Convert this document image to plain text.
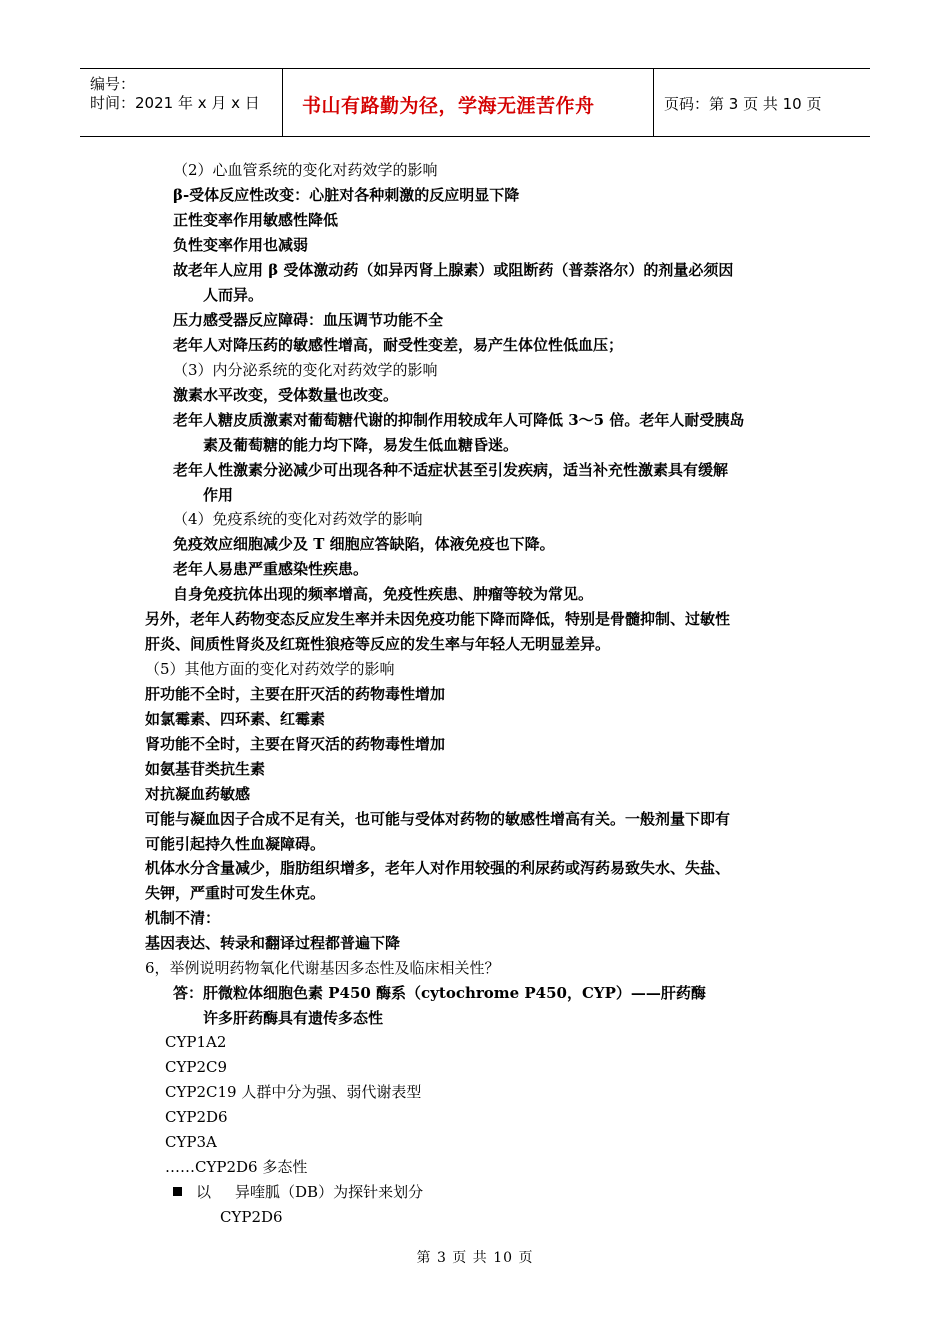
编号：
时间：2021 年 x 月 x 日 书山有路勤为径，学海无涯苦作舟	页码：第 3 页 共 10 页
（2）心血管系统的变化对药效学的影响
β-受体反应性改变：心脏对各种刺激的反应明显下降
正性变率作用敏感性降低
负性变率作用也减弱
故老年人应用 β 受体激动药（如异丙肾上腺素）或阻断药（普萘洛尔）的剂量必须因
人而异。
压力感受器反应障碍：血压调节功能不全
老年人对降压药的敏感性增高，耐受性变差，易产生体位性低血压；
（3）内分泌系统的变化对药效学的影响
激素水平改变，受体数量也改变。
老年人糖皮质激素对葡萄糖代谢的抑制作用较成年人可降低 3～5 倍。老年人耐受胰岛
素及葡萄糖的能力均下降，易发生低血糖昏迷。
老年人性激素分泌减少可出现各种不适症状甚至引发疾病，适当补充性激素具有缓解
作用
（4）免疫系统的变化对药效学的影响
免疫效应细胞减少及 T 细胞应答缺陷，体液免疫也下降。
老年人易患严重感染性疾患。
自身免疫抗体出现的频率增高，免疫性疾患、肿瘤等较为常见。
另外，老年人药物变态反应发生率并未因免疫功能下降而降低，特别是骨髓抑制、过敏性
肝炎、间质性肾炎及红斑性狼疮等反应的发生率与年轻人无明显差异。
（5）其他方面的变化对药效学的影响
肝功能不全时，主要在肝灭活的药物毒性增加
如氯霉素、四环素、红霉素
肾功能不全时，主要在肾灭活的药物毒性增加
如氨基苷类抗生素
对抗凝血药敏感
可能与凝血因子合成不足有关，也可能与受体对药物的敏感性增高有关。一般剂量下即有
可能引起持久性血凝障碍。
机体水分含量减少，脂肪组织增多，老年人对作用较强的利尿药或泻药易致失水、失盐、
失钾，严重时可发生休克。
机制不清：
基因表达、转录和翻译过程都普遍下降
6，举例说明药物氧化代谢基因多态性及临床相关性？
答：肝微粒体细胞色素 P450 酶系（cytochrome P450，CYP）——肝药酶
许多肝药酶具有遗传多态性
CYP1A2
CYP2C9
CYP2C19 人群中分为强、弱代谢表型
CYP2D6
CYP3A
……CYP2D6 多态性
以 异喹胍（DB）为探针来划分
CYP2D6
第 3 页 共 10 页
